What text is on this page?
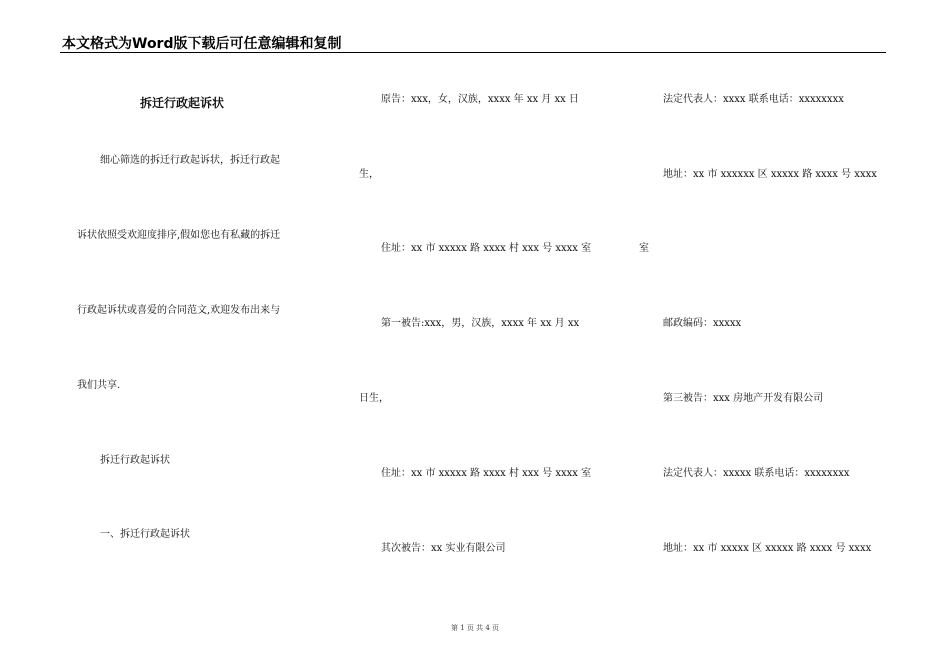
本文格式为Word版下载后可任意编辑和复制
拆迁行政起诉状
细心筛选的拆迁行政起诉状，拆迁行政起
诉状依照受欢迎度排序,假如您也有私藏的拆迁
行政起诉状或喜爱的合同范文,欢迎发布出来与
我们共享.
拆迁行政起诉状
一、拆迁行政起诉状
原告：xxx，女，汉族，xxxx 年 xx 月 xx 日
生，
住址：xx 市 xxxxx 路 xxxx 村 xxx 号 xxxx 室
第一被告:xxx，男，汉族，xxxx 年 xx 月 xx
日生，
住址：xx 市 xxxxx 路 xxxx 村 xxx 号 xxxx 室
其次被告：xx 实业有限公司
法定代表人：xxxx 联系电话：xxxxxxxx
地址：xx 市 xxxxxx 区 xxxxx 路 xxxx 号 xxxx
室
邮政编码：xxxxx
第三被告：xxx 房地产开发有限公司
法定代表人：xxxxx 联系电话：xxxxxxxx
地址：xx 市 xxxxx 区 xxxxx 路 xxxx 号 xxxx
第 1 页 共 4 页
